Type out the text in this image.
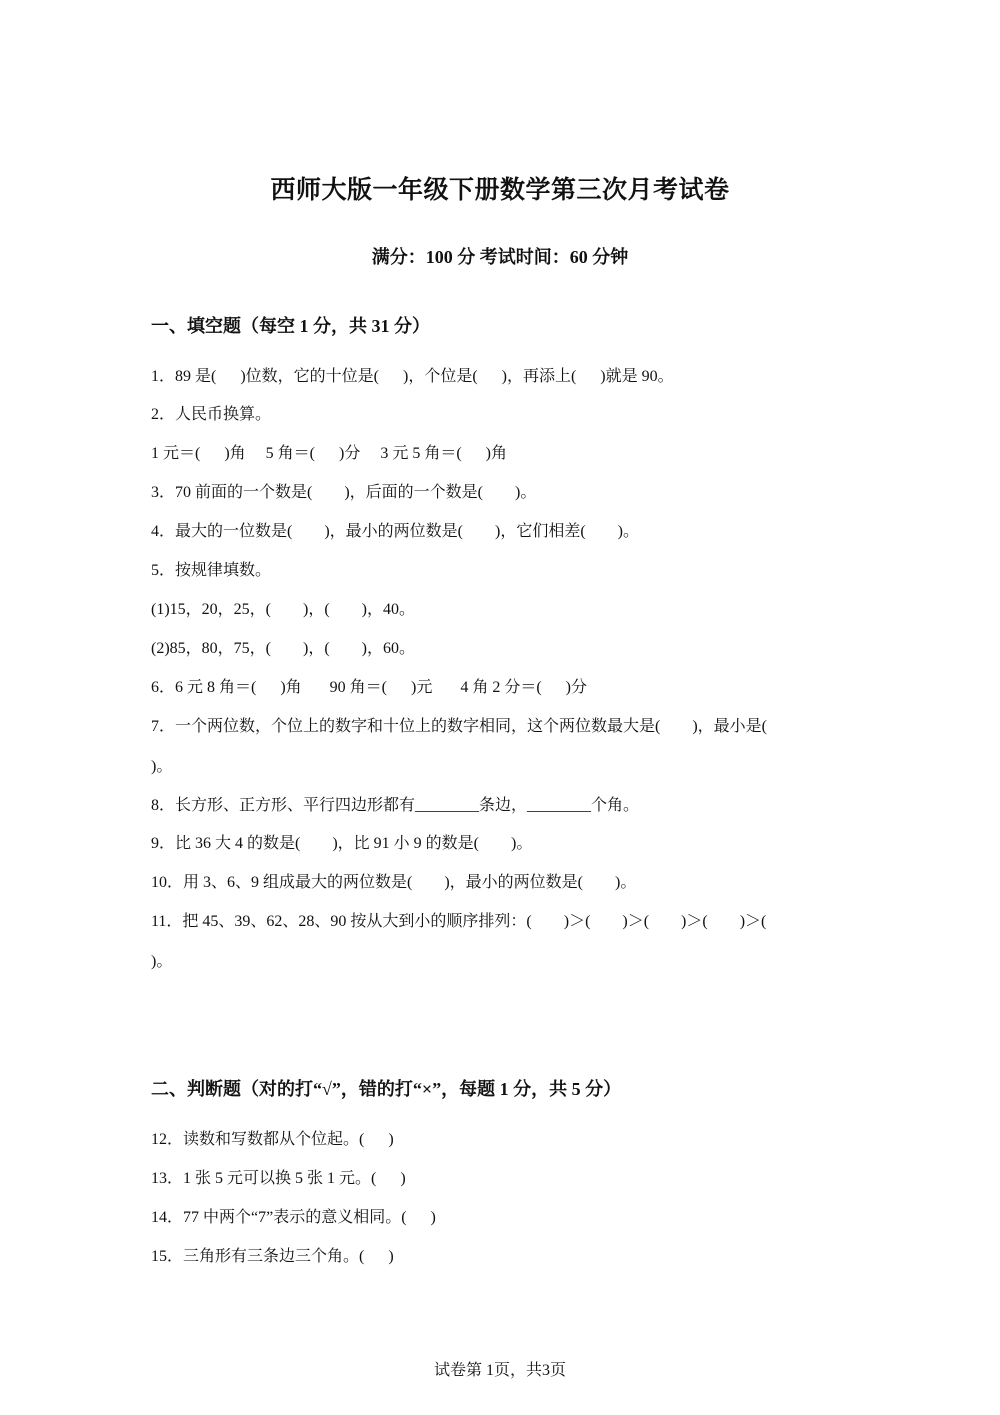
西师大版一年级下册数学第三次月考试卷
满分：100 分 考试时间：60 分钟
一、填空题（每空 1 分，共 31 分）
1．89 是(      )位数，它的十位是(      )，个位是(      )，再添上(      )就是 90。
2．人民币换算。
1 元＝(      )角     5 角＝(      )分     3 元 5 角＝(      )角
3．70 前面的一个数是(        )，后面的一个数是(        )。
4．最大的一位数是(        )，最小的两位数是(        )，它们相差(        )。
5．按规律填数。
(1)15，20，25，(        )，(        )，40。
(2)85，80，75，(        )，(        )，60。
6．6 元 8 角＝(      )角       90 角＝(      )元       4 角 2 分＝(      )分
7．一个两位数，个位上的数字和十位上的数字相同，这个两位数最大是(        )，最小是(
)。
8．长方形、正方形、平行四边形都有________条边，________个角。
9．比 36 大 4 的数是(        )，比 91 小 9 的数是(        )。
10．用 3、6、9 组成最大的两位数是(        )，最小的两位数是(        )。
11．把 45、39、62、28、90 按从大到小的顺序排列：(        )＞(        )＞(        )＞(        )＞(
)。
二、判断题（对的打“√”，错的打“×”，每题 1 分，共 5 分）
12．读数和写数都从个位起。(      )
13．1 张 5 元可以换 5 张 1 元。(      )
14．77 中两个“7”表示的意义相同。(      )
15．三角形有三条边三个角。(      )
试卷第 1页，共3页
